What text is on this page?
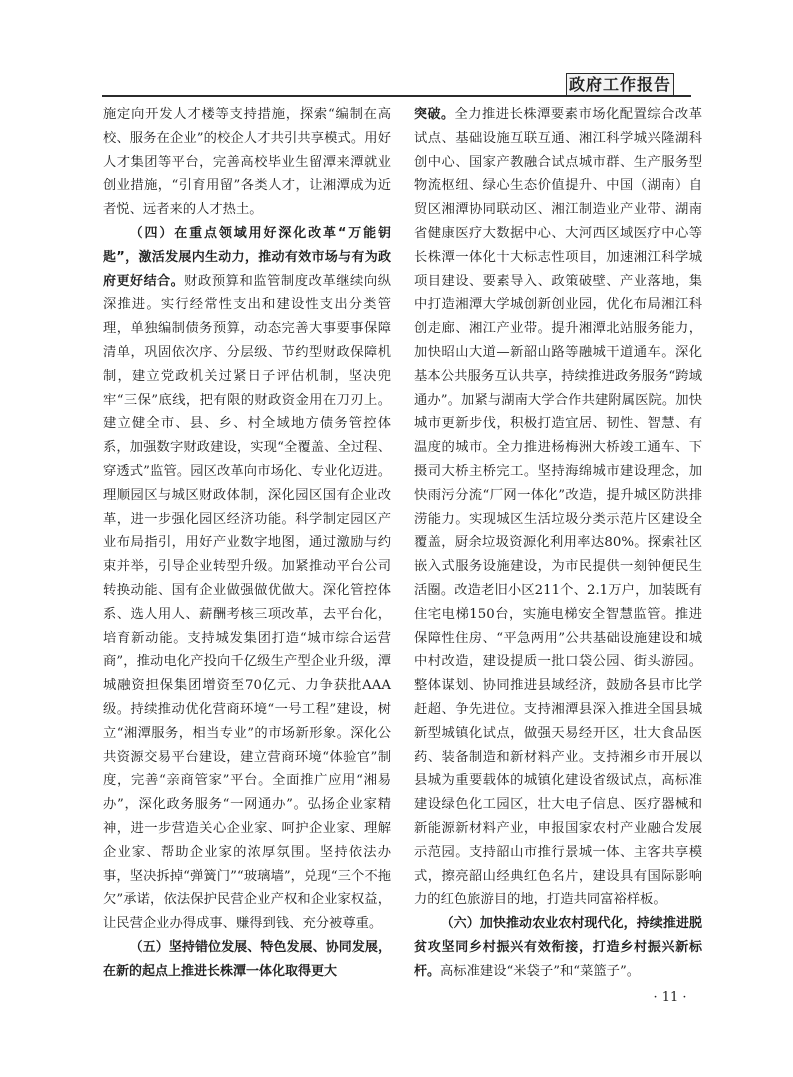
政府工作报告

施定向开发人才楼等支持措施，探索“编制在高校、服务在企业”的校企人才共引共享模式。用好人才集团等平台，完善高校毕业生留潭来潭就业创业措施，“引育用留”各类人才，让湘潭成为近者悦、远者来的人才热土。

（四）在重点领域用好深化改革“万能钥匙”，激活发展内生动力，推动有效市场与有为政府更好结合。财政预算和监管制度改革继续向纵深推进。实行经常性支出和建设性支出分类管理，单独编制债务预算，动态完善大事要事保障清单，巩固依次序、分层级、节约型财政保障机制，建立党政机关过紧日子评估机制，坚决兜牢“三保”底线，把有限的财政资金用在刀刃上。建立健全市、县、乡、村全域地方债务管控体系，加强数字财政建设，实现“全覆盖、全过程、穿透式”监管。园区改革向市场化、专业化迈进。理顺园区与城区财政体制，深化园区国有企业改革，进一步强化园区经济功能。科学制定园区产业布局指引，用好产业数字地图，通过激励与约束并举，引导企业转型升级。加紧推动平台公司转换动能、国有企业做强做优做大。深化管控体系、选人用人、薪酬考核三项改革，去平台化，培育新动能。支持城发集团打造“城市综合运营商”，推动电化产投向千亿级生产型企业升级，潭城融资担保集团增资至70亿元、力争获批AAA级。持续推动优化营商环境“一号工程”建设，树立“湘潭服务，相当专业”的市场新形象。深化公共资源交易平台建设，建立营商环境“体验官”制度，完善“亲商管家”平台。全面推广应用“湘易办”，深化政务服务“一网通办”。弘扬企业家精神，进一步营造关心企业家、呵护企业家、理解企业家、帮助企业家的浓厚氛围。坚持依法办事，坚决拆掉“弹簧门”“玻璃墙”，兑现“三个不拖欠”承诺，依法保护民营企业产权和企业家权益，让民营企业办得成事、赚得到钱、充分被尊重。

（五）坚持错位发展、特色发展、协同发展，在新的起点上推进长株潭一体化取得更大

突破。全力推进长株潭要素市场化配置综合改革试点、基础设施互联互通、湘江科学城兴隆湖科创中心、国家产教融合试点城市群、生产服务型物流枢纽、绿心生态价值提升、中国（湖南）自贸区湘潭协同联动区、湘江制造业产业带、湖南省健康医疗大数据中心、大河西区域医疗中心等长株潭一体化十大标志性项目，加速湘江科学城项目建设、要素导入、政策破壁、产业落地，集中打造湘潭大学城创新创业园，优化布局湘江科创走廊、湘江产业带。提升湘潭北站服务能力，加快昭山大道—新韶山路等融城干道通车。深化基本公共服务互认共享，持续推进政务服务“跨域通办”。加紧与湖南大学合作共建附属医院。加快城市更新步伐，积极打造宜居、韧性、智慧、有温度的城市。全力推进杨梅洲大桥竣工通车、下摄司大桥主桥完工。坚持海绵城市建设理念，加快雨污分流“厂网一体化”改造，提升城区防洪排涝能力。实现城区生活垃圾分类示范片区建设全覆盖，厨余垃圾资源化利用率达80%。探索社区嵌入式服务设施建设，为市民提供一刻钟便民生活圈。改造老旧小区211个、2.1万户，加装既有住宅电梯150台，实施电梯安全智慧监管。推进保障性住房、“平急两用”公共基础设施建设和城中村改造，建设提质一批口袋公园、街头游园。整体谋划、协同推进县域经济，鼓励各县市比学赶超、争先进位。支持湘潭县深入推进全国县城新型城镇化试点，做强天易经开区，壮大食品医药、装备制造和新材料产业。支持湘乡市开展以县城为重要载体的城镇化建设省级试点，高标准建设绿色化工园区，壮大电子信息、医疗器械和新能源新材料产业，申报国家农村产业融合发展示范园。支持韶山市推行景城一体、主客共享模式，擦亮韶山经典红色名片，建设具有国际影响力的红色旅游目的地，打造共同富裕样板。

（六）加快推动农业农村现代化，持续推进脱贫攻坚同乡村振兴有效衔接，打造乡村振兴新标杆。高标准建设“米袋子”和“菜篮子”。

· 11 ·
